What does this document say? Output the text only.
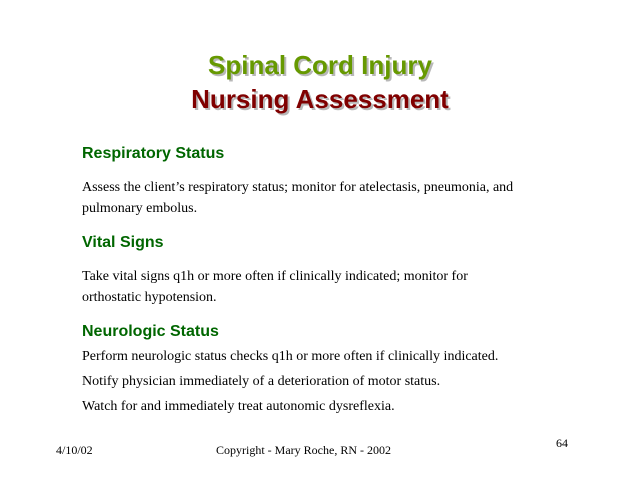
Spinal Cord Injury
Nursing Assessment
Respiratory Status

Assess the client’s respiratory status; monitor for atelectasis, pneumonia, and

pulmonary embolus.

Vital Signs

Take vital signs q1h or more often if clinically indicated; monitor for

orthostatic hypotension.

Neurologic Status

Perform neurologic status checks q1h or more often if clinically indicated.

Notify physician immediately of a deterioration of motor status.

Watch for and immediately treat autonomic dysreflexia.

4/10/02	Copyright - Mary Roche, RN - 2002	64
